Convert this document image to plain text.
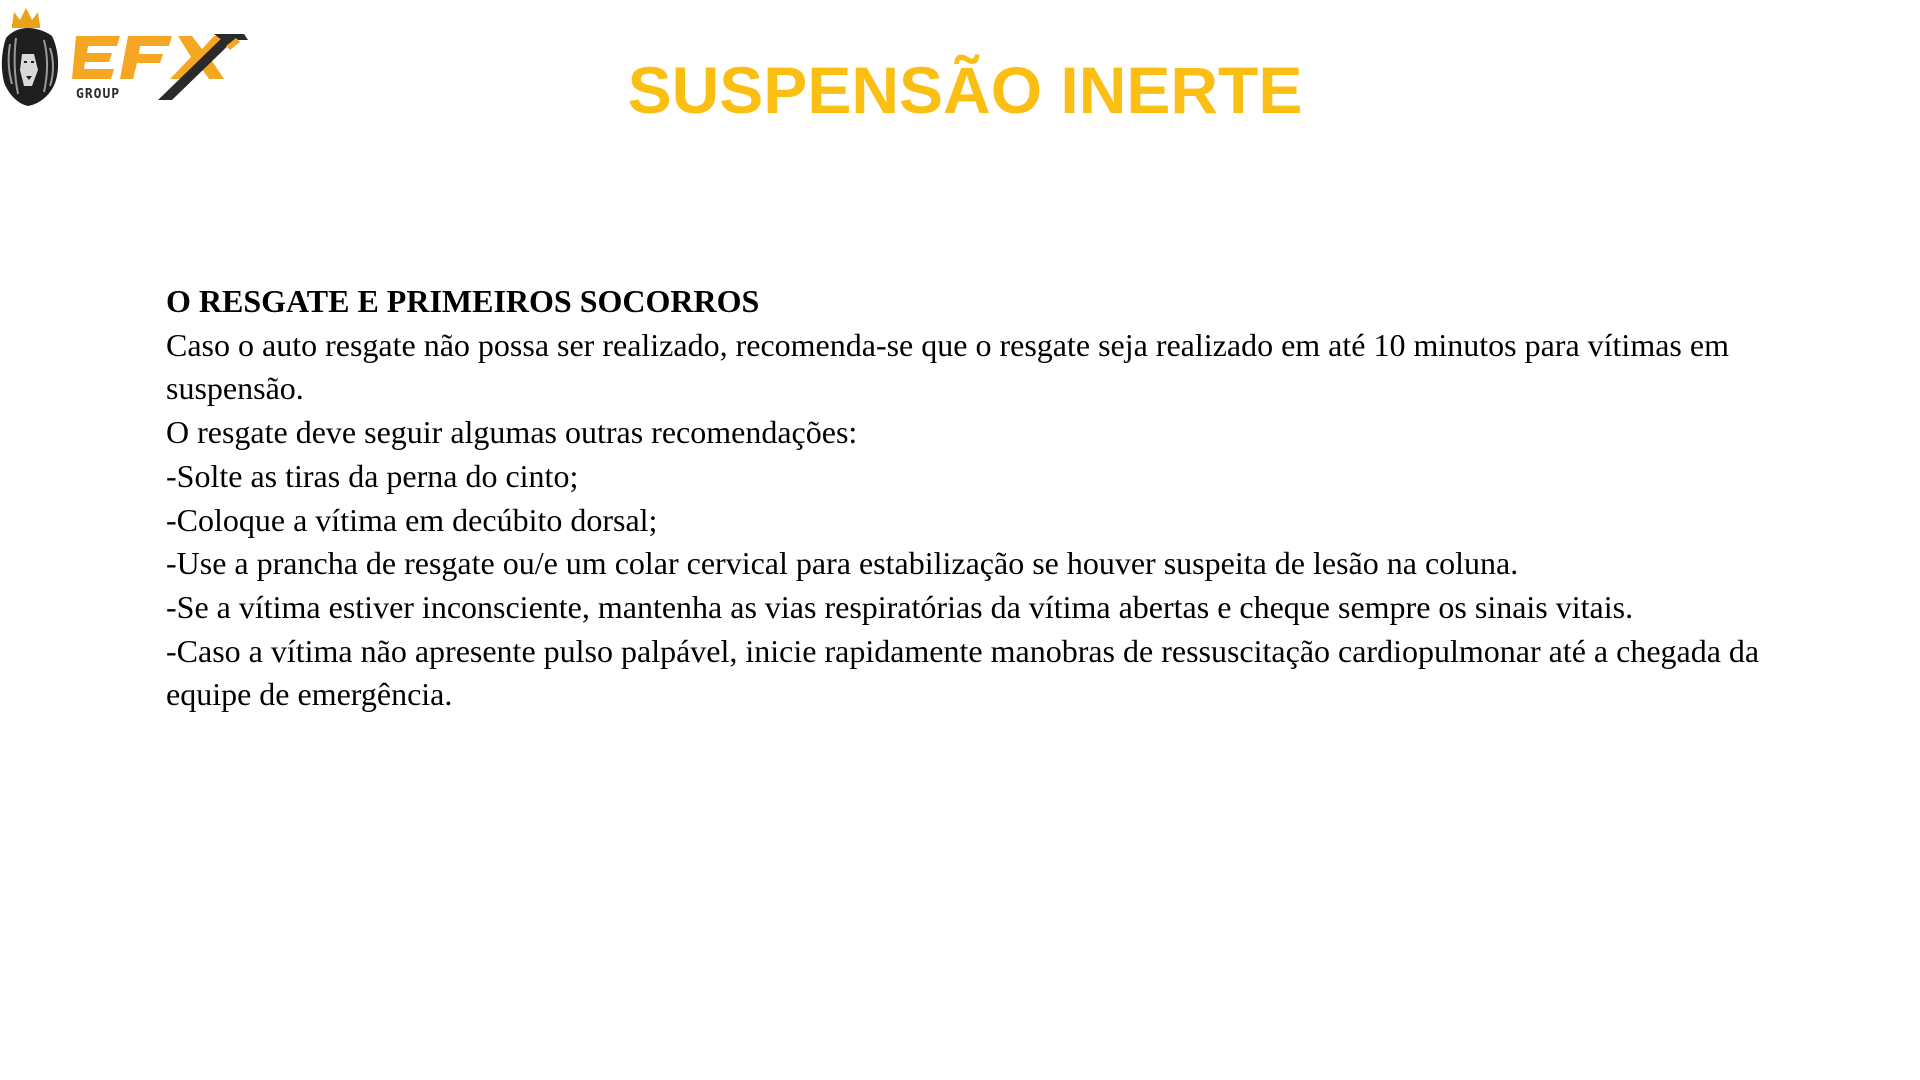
GROUP	SUSPENSÃO INERTE

O RESGATE E PRIMEIROS SOCORROS

Caso o auto resgate não possa ser realizado, recomenda-se que o resgate seja realizado em até 10 minutos para vítimas em suspensão.

O resgate deve seguir algumas outras recomendações:

-Solte as tiras da perna do cinto;

-Coloque a vítima em decúbito dorsal;

-Use a prancha de resgate ou/e um colar cervical para estabilização se houver suspeita de lesão na coluna.

-Se a vítima estiver inconsciente, mantenha as vias respiratórias da vítima abertas e cheque sempre os sinais vitais.

-Caso a vítima não apresente pulso palpável, inicie rapidamente manobras de ressuscitação cardiopulmonar até a chegada da equipe de emergência.
